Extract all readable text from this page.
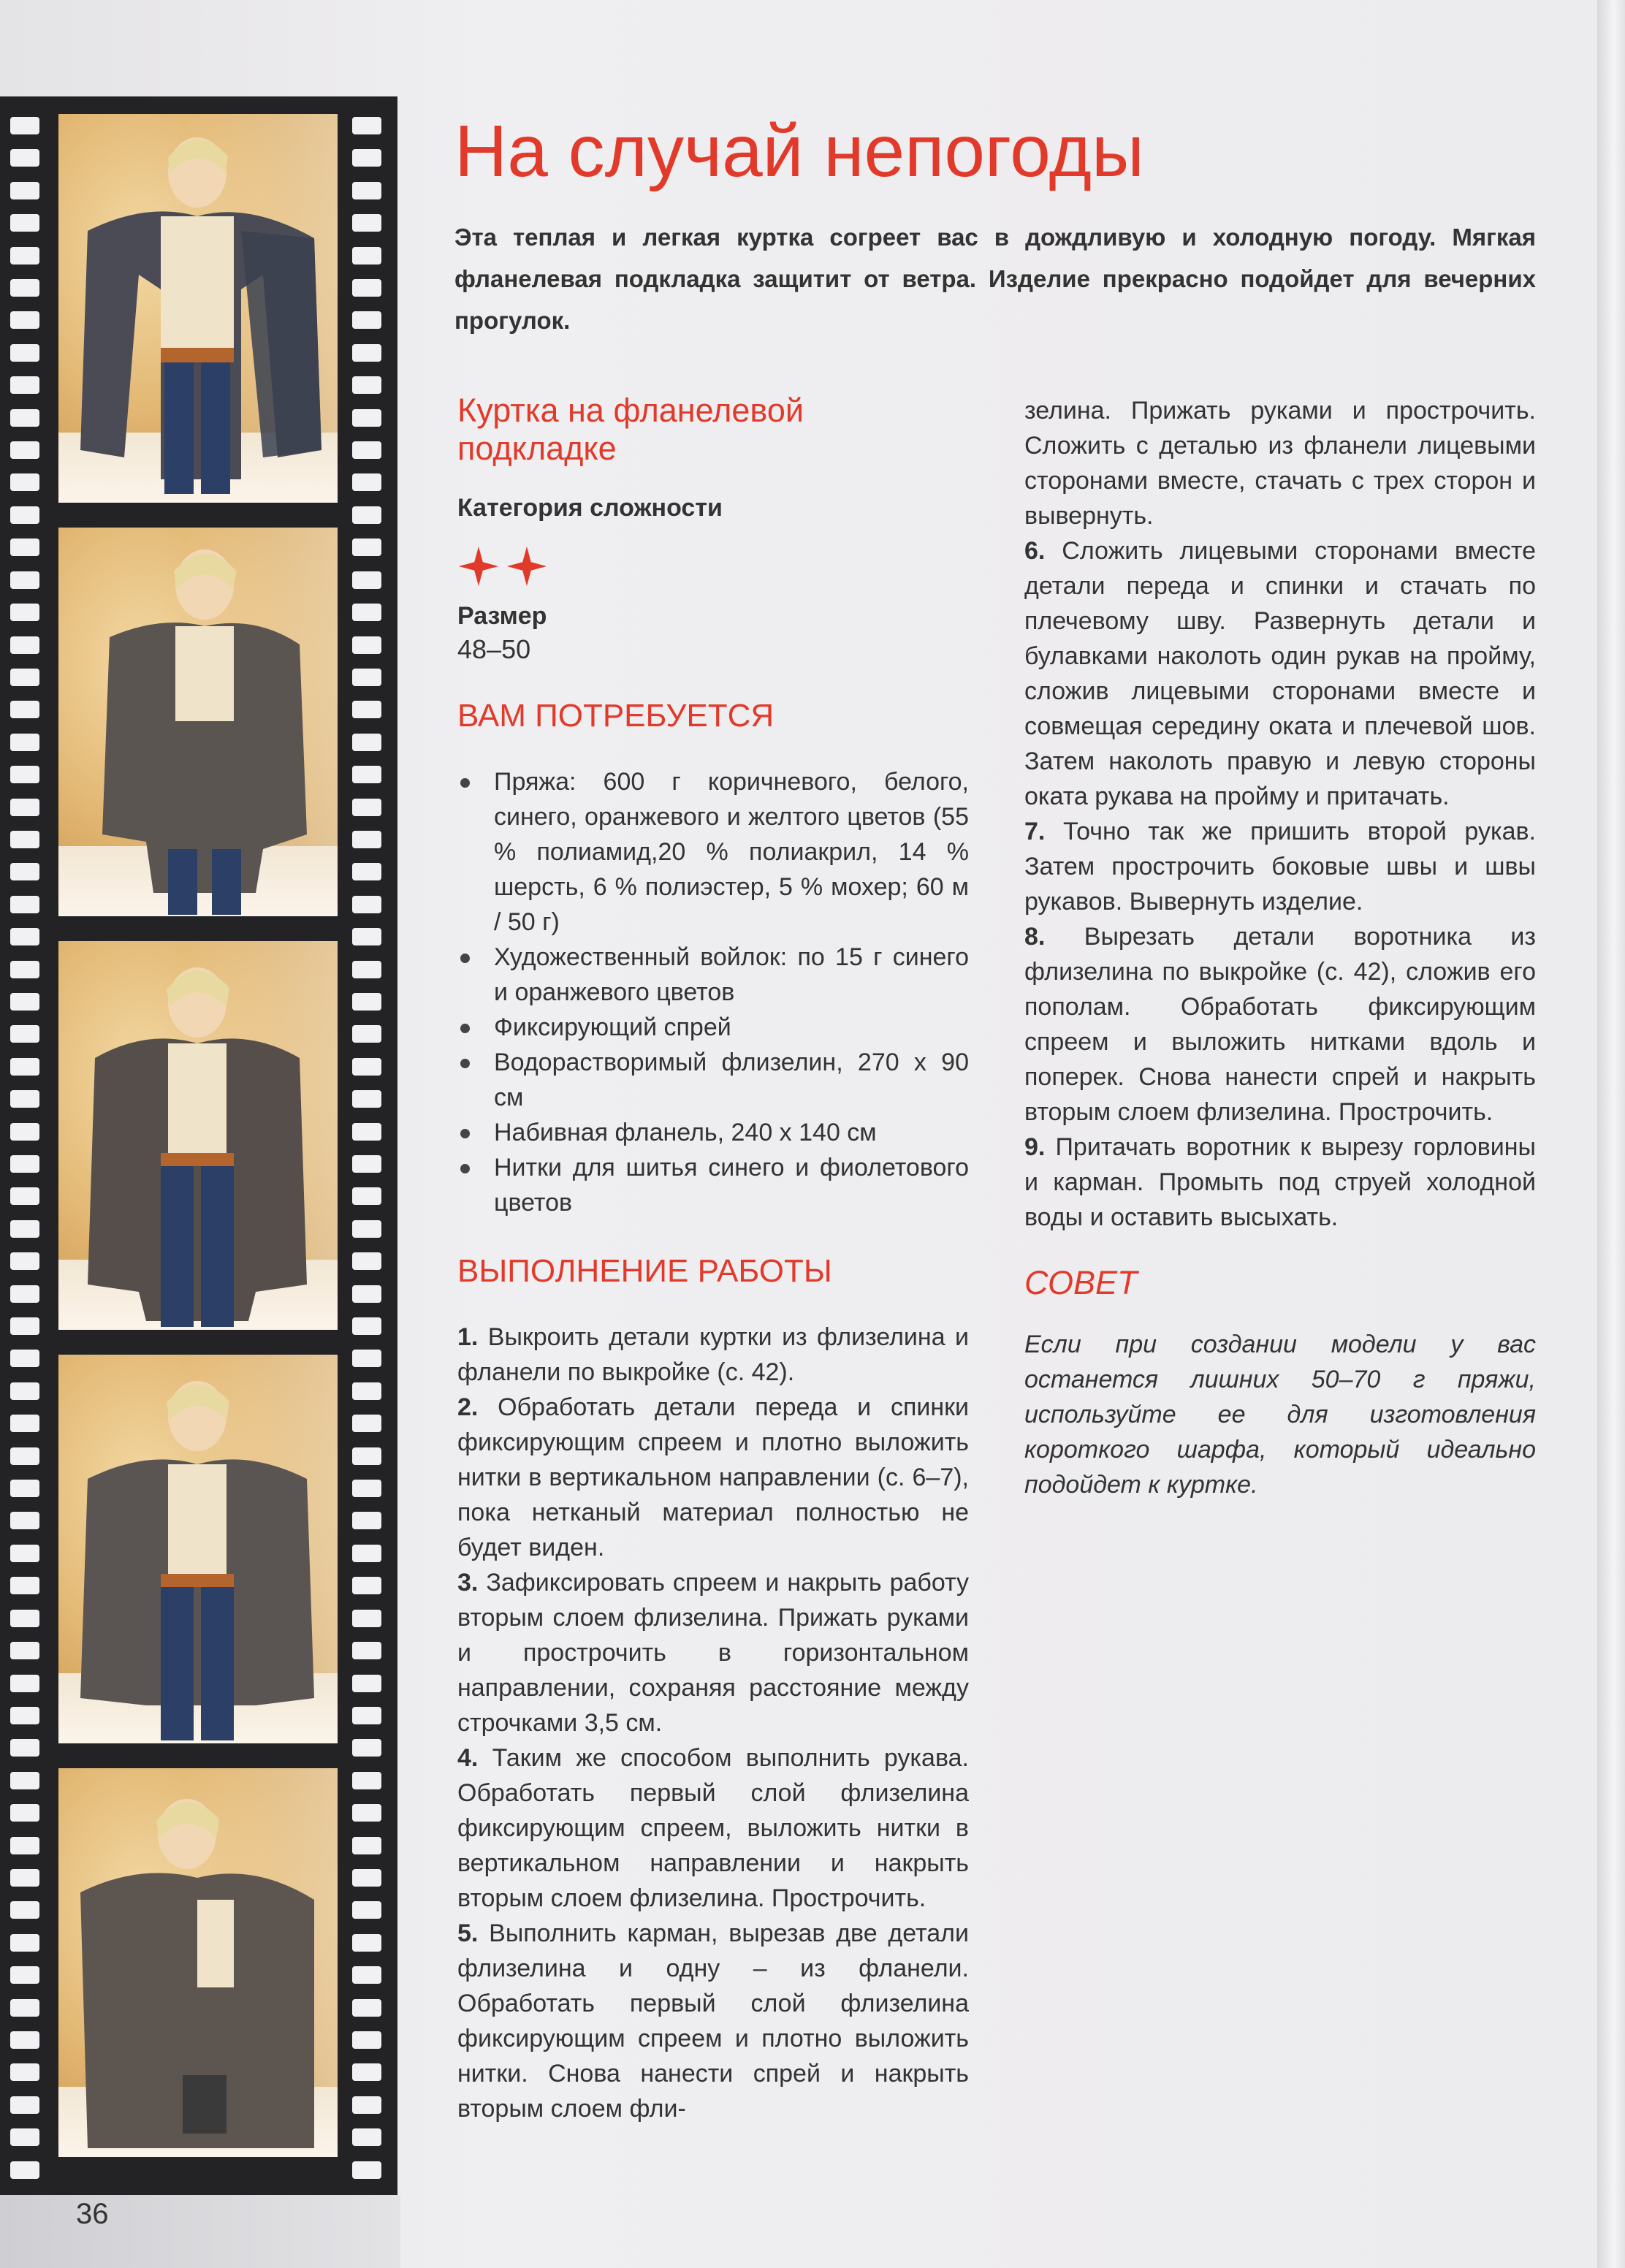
На случай непогоды

Эта теплая и легкая куртка согреет вас в дождливую и холодную погоду. Мягкая фланелевая подкладка защитит от ветра. Изделие прекрасно подойдет для вечерних прогулок.

Куртка на фланелевой подкладке

Категория сложности

Размер

48–50

ВАМ ПОТРЕБУЕТСЯ
Пряжа: 600 г коричневого, белого, синего, оранжевого и желтого цветов (55 % полиамид,20 % полиакрил, 14 % шерсть, 6 % полиэстер, 5 % мохер; 60 м / 50 г)
Художественный войлок: по 15 г синего и оранжевого цветов
Фиксирующий спрей
Водорастворимый флизелин, 270 х 90 см
Набивная фланель, 240 х 140 см
Нитки для шитья синего и фиолетового цветов
ВЫПОЛНЕНИЕ РАБОТЫ

1. Выкроить детали куртки из флизелина и фланели по выкройке (с. 42).

2. Обработать детали переда и спинки фиксирующим спреем и плотно выложить нитки в вертикальном направлении (с. 6–7), пока нетканый материал полностью не будет виден.

3. Зафиксировать спреем и накрыть работу вторым слоем флизелина. Прижать руками и прострочить в горизонтальном направлении, сохраняя расстояние между строчками 3,5 см.

4. Таким же способом выполнить рукава. Обработать первый слой флизелина фиксирующим спреем, выложить нитки в вертикальном направлении и накрыть вторым слоем флизелина. Прострочить.

5. Выполнить карман, вырезав две детали флизелина и одну – из фланели. Обработать первый слой флизелина фиксирующим спреем и плотно выложить нитки. Снова нанести спрей и накрыть вторым слоем фли-

зелина. Прижать руками и прострочить. Сложить с деталью из фланели лицевыми сторонами вместе, стачать с трех сторон и вывернуть.

6. Сложить лицевыми сторонами вместе детали переда и спинки и стачать по плечевому шву. Развернуть детали и булавками наколоть один рукав на пройму, сложив лицевыми сторонами вместе и совмещая середину оката и плечевой шов. Затем наколоть правую и левую стороны оката рукава на пройму и притачать.

7. Точно так же пришить второй рукав. Затем прострочить боковые швы и швы рукавов. Вывернуть изделие.

8. Вырезать детали воротника из флизелина по выкройке (с. 42), сложив его пополам. Обработать фиксирующим спреем и выложить нитками вдоль и поперек. Снова нанести спрей и накрыть вторым слоем флизелина. Прострочить.

9. Притачать воротник к вырезу горловины и карман. Промыть под струей холодной воды и оставить высыхать.

СОВЕТ

Если при создании модели у вас останется лишних 50–70 г пряжи, используйте ее для изготовления короткого шарфа, который идеально подойдет к куртке.

36
